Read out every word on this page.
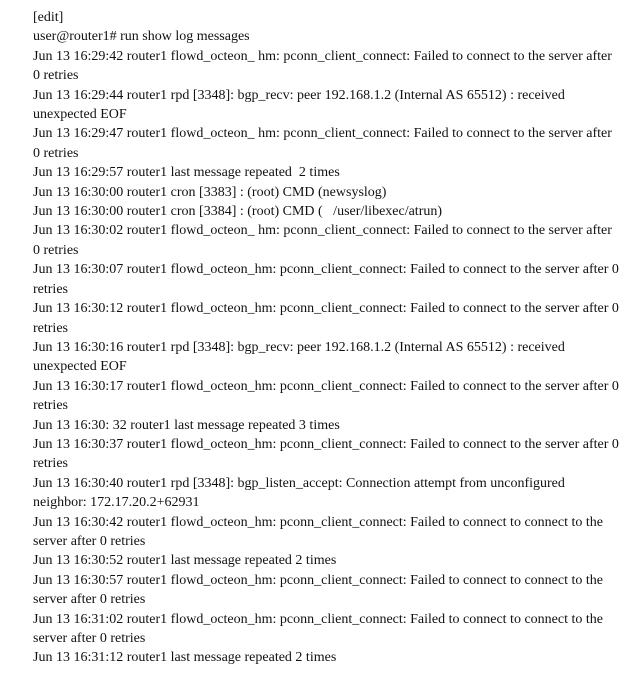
[edit]
user@router1# run show log messages
Jun 13 16:29:42 router1 flowd_octeon_ hm: pconn_client_connect: Failed to connect to the server after 0 retries
Jun 13 16:29:44 router1 rpd [3348]: bgp_recv: peer 192.168.1.2 (Internal AS 65512) : received unexpected EOF
Jun 13 16:29:47 router1 flowd_octeon_ hm: pconn_client_connect: Failed to connect to the server after 0 retries
Jun 13 16:29:57 router1 last message repeated  2 times
Jun 13 16:30:00 router1 cron [3383] : (root) CMD (newsyslog)
Jun 13 16:30:00 router1 cron [3384] : (root) CMD (   /user/libexec/atrun)
Jun 13 16:30:02 router1 flowd_octeon_ hm: pconn_client_connect: Failed to connect to the server after 0 retries
Jun 13 16:30:07 router1 flowd_octeon_hm: pconn_client_connect: Failed to connect to the server after 0 retries
Jun 13 16:30:12 router1 flowd_octeon_hm: pconn_client_connect: Failed to connect to the server after 0 retries
Jun 13 16:30:16 router1 rpd [3348]: bgp_recv: peer 192.168.1.2 (Internal AS 65512) : received unexpected EOF
Jun 13 16:30:17 router1 flowd_octeon_hm: pconn_client_connect: Failed to connect to the server after 0 retries
Jun 13 16:30: 32 router1 last message repeated 3 times
Jun 13 16:30:37 router1 flowd_octeon_hm: pconn_client_connect: Failed to connect to the server after 0 retries
Jun 13 16:30:40 router1 rpd [3348]: bgp_listen_accept: Connection attempt from unconfigured neighbor: 172.17.20.2+62931
Jun 13 16:30:42 router1 flowd_octeon_hm: pconn_client_connect: Failed to connect to connect to the server after 0 retries
Jun 13 16:30:52 router1 last message repeated 2 times
Jun 13 16:30:57 router1 flowd_octeon_hm: pconn_client_connect: Failed to connect to connect to the server after 0 retries
Jun 13 16:31:02 router1 flowd_octeon_hm: pconn_client_connect: Failed to connect to connect to the server after 0 retries
Jun 13 16:31:12 router1 last message repeated 2 times
